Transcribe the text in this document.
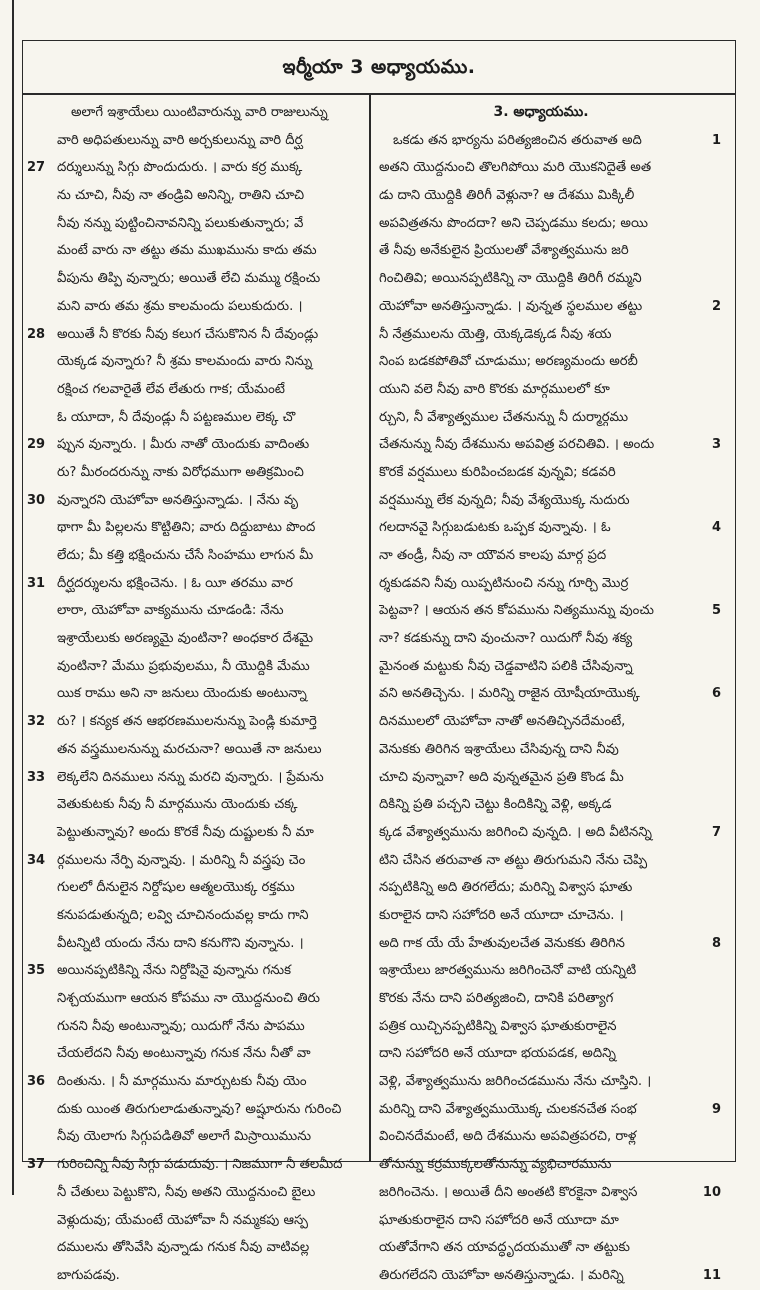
ఇర్మీయా 3 అధ్యాయము.
అలాగే ఇశ్రాయేలు యింటివారున్ను వారి రాజులున్ను
వారి అధిపతులున్ను వారి అర్చకులున్ను వారి దీర్ఘ
27 దర్శులున్ను సిగ్గు పొందుదురు. । వారు కర్ర ముక్క
ను చూచి, నీవు నా తండ్రివి అనిన్ని, రాతిని చూచి
నీవు నన్ను పుట్టించినావనిన్ని పలుకుతున్నారు; వే
మంటే వారు నా తట్టు తమ ముఖమును కాదు తమ
వీపును తిప్పి వున్నారు; అయితే లేచి మమ్ము రక్షించు
మని వారు తమ శ్రమ కాలమందు పలుకుదురు. ।
28 అయితే నీ కొరకు నీవు కలుగ చేసుకొనిన నీ దేవుండ్లు
యెక్కడ వున్నారు? నీ శ్రమ కాలమందు వారు నిన్ను
రక్షించ గలవారైతే లేవ లేతురు గాక; యేమంటే
ఓ యూదా, నీ దేవుండ్లు నీ పట్టణముల లెక్క చొ
29 ప్పున వున్నారు. । మీరు నాతో యెందుకు వాదింతు
రు? మీరందరున్ను నాకు విరోధముగా అతిక్రమించి
30 వున్నారని యెహోవా అనతిస్తున్నాడు. । నేను వృ
థాగా మీ పిల్లలను కొట్టితిని; వారు దిద్దుబాటు పొంద
లేదు; మీ కత్తి భక్షించును చేసే సింహము లాగున మీ
31 దీర్ఘదర్శులను భక్షించెను. । ఓ యీ తరము వార
లారా, యెహోవా వాక్యమును చూడండి: నేను
ఇశ్రాయేలుకు అరణ్యమై వుంటినా? అంధకార దేశమై
వుంటినా? మేము ప్రభువులము, నీ యొద్దికి మేము
యిక రాము అని నా జనులు యెందుకు అంటున్నా
32 రు? । కన్యక తన ఆభరణములనున్ను పెండ్లి కుమార్తె
తన వస్త్రములనున్ను మరచునా? అయితే నా జనులు
33 లెక్కలేని దినములు నన్ను మరచి వున్నారు. । ప్రేమను
వెతుకుటకు నీవు నీ మార్గమును యెందుకు చక్క
పెట్టుతున్నావు? అందు కొరకే నీవు దుష్టులకు నీ మా
34 ర్గములను నేర్పి వున్నావు. । మరిన్ని నీ వస్త్రపు చెం
గులలో దీనులైన నిర్దోషుల ఆత్మలయొక్క రక్తము
కనుపడుతున్నది; లవ్వి చూచినందువల్ల కాదు గాని
వీటన్నిటి యందు నేను దాని కనుగొని వున్నాను. ।
35 అయినప్పటికిన్ని నేను నిర్దోషినై వున్నాను గనుక
నిశ్చయముగా ఆయన కోపము నా యొద్దనుంచి తిరు
గునని నీవు అంటున్నావు; యిదుగో నేను పాపము
చేయలేదని నీవు అంటున్నావు గనుక నేను నీతో వా
36 దింతును. । నీ మార్గమును మార్చుటకు నీవు యెం
దుకు యింత తిరుగులాడుతున్నావు? అష్షూరును గురించి
నీవు యెలాగు సిగ్గుపడితివో అలాగే మిస్రాయిమును
37 గురించిన్ని నీవు సిగ్గు పడుదువు. । నిజముగా నీ తలమీద
నీ చేతులు పెట్టుకొని, నీవు అతని యొద్దనుంచి బైలు
వెళ్లుదువు; యేమంటే యెహోవా నీ నమ్మకపు ఆస్ప
దములను తోసివేసి వున్నాడు గనుక నీవు వాటివల్ల
బాగుపడవు.
3. అధ్యాయము.
1
ఒకడు తన భార్యను పరిత్యజించిన తరువాత అది
అతని యొద్దనుంచి తొలగిపోయి మరి యొకనిదైతే అత
డు దాని యొద్దికి తిరిగీ వెళ్లునా? ఆ దేశము మిక్కిలీ
అపవిత్రతను పొందదా? అని చెప్పడము కలదు; అయి
తే నీవు అనేకులైన ప్రియులతో వేశ్యాత్వమును జరి
గించితివి; అయినప్పటికిన్ని నా యొద్దికి తిరిగీ రమ్మని
2
యెహోవా అనతిస్తున్నాడు. । వున్నత స్థలముల తట్టు
నీ నేత్రములను యెత్తి, యెక్కడెక్కడ నీవు శయ
నింప బడకపోతివో చూడుము; అరణ్యమందు అరబీ
యుని వలె నీవు వారి కొరకు మార్గములలో కూ
ర్చుని, నీ వేశ్యాత్వముల చేతనున్ను నీ దుర్మార్గము
3
చేతనున్ను నీవు దేశమును అపవిత్ర పరచితివి. । అందు
కొరకే వర్షములు కురిపించబడక వున్నవి; కడవరి
వర్షమున్ను లేక వున్నది; నీవు వేశ్యయొక్క నుదురు
4
గలదానవై సిగ్గుబడుటకు ఒప్పక వున్నావు. । ఓ
నా తండ్రీ, నీవు నా యౌవన కాలపు మార్గ ప్రద
ర్శకుడవని నీవు యిప్పటినుంచి నన్ను గూర్చి మొర్ర
5
పెట్టవా? । ఆయన తన కోపమును నిత్యమున్ను వుంచు
నా? కడకున్ను దాని వుంచునా? యిదుగో నీవు శక్య
మైనంత మట్టుకు నీవు చెడ్డవాటిని పలికి చేసివున్నా
6
వని అనతిచ్చెను. । మరిన్ని రాజైన యోషీయాయొక్క
దినములలో యెహోవా నాతో అనతిచ్చినదేమంటే,
వెనుకకు తిరిగిన ఇశ్రాయేలు చేసివున్న దాని నీవు
చూచి వున్నావా? అది వున్నతమైన ప్రతి కొండ మీ
దికిన్ని ప్రతి పచ్చని చెట్టు కిందికిన్ని వెళ్లి, అక్కడ
7
క్కడ వేశ్యాత్వమును జరిగించి వున్నది. । అది వీటినన్ని
టిని చేసిన తరువాత నా తట్టు తిరుగుమని నేను చెప్పి
నప్పటికిన్ని అది తిరగలేదు; మరిన్ని విశ్వాస ఘాతు
కురాలైన దాని సహోదరి అనే యూదా చూచెను. ।
8
అది గాక యే యే హేతువులచేత వెనుకకు తిరిగిన
ఇశ్రాయేలు జారత్వమును జరిగించెనో వాటి యన్నిటి
కొరకు నేను దాని పరిత్యజించి, దానికి పరిత్యాగ
పత్రిక యిచ్చినప్పటికిన్ని విశ్వాస ఘాతుకురాలైన
దాని సహోదరి అనే యూదా భయపడక, అదిన్ని
వెళ్లి, వేశ్యాత్వమును జరిగించడమును నేను చూస్తిని. ।
9
మరిన్ని దాని వేశ్యాత్వముయొక్క చులకనచేత సంభ
వించినదేమంటే, అది దేశమును అపవిత్రపరచి, రాళ్ల
తోనున్ను కర్రముక్కలతోనున్ను వ్యభిచారమును
10
జరిగించెను. । అయితే దీని అంతటి కొరకైనా విశ్వాస
ఘాతుకురాలైన దాని సహోదరి అనే యూదా మా
యతోవేగాని తన యావద్ధృదయముతో నా తట్టుకు
11
తిరుగలేదని యెహోవా అనతిస్తున్నాడు. । మరిన్ని
